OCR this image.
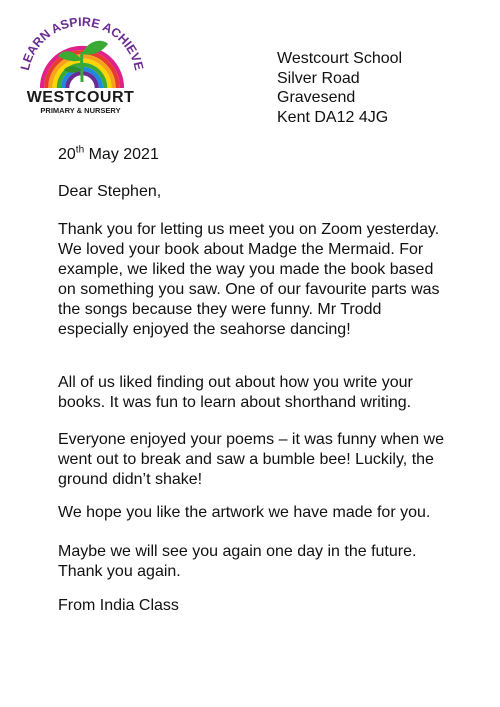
LEARN ASPIRE ACHIEVE
WESTCOURT
PRIMARY & NURSERY
Westcourt School
Silver Road
Gravesend
Kent DA12 4JG
20th May 2021
Dear Stephen,
Thank you for letting us meet you on Zoom yesterday. We loved your book about Madge the Mermaid. For example, we liked the way you made the book based on something you saw. One of our favourite parts was the songs because they were funny. Mr Trodd especially enjoyed the seahorse dancing!
All of us liked finding out about how you write your books. It was fun to learn about shorthand writing.
Everyone enjoyed your poems – it was funny when we went out to break and saw a bumble bee! Luckily, the ground didn’t shake!
We hope you like the artwork we have made for you.
Maybe we will see you again one day in the future. Thank you again.
From India Class
